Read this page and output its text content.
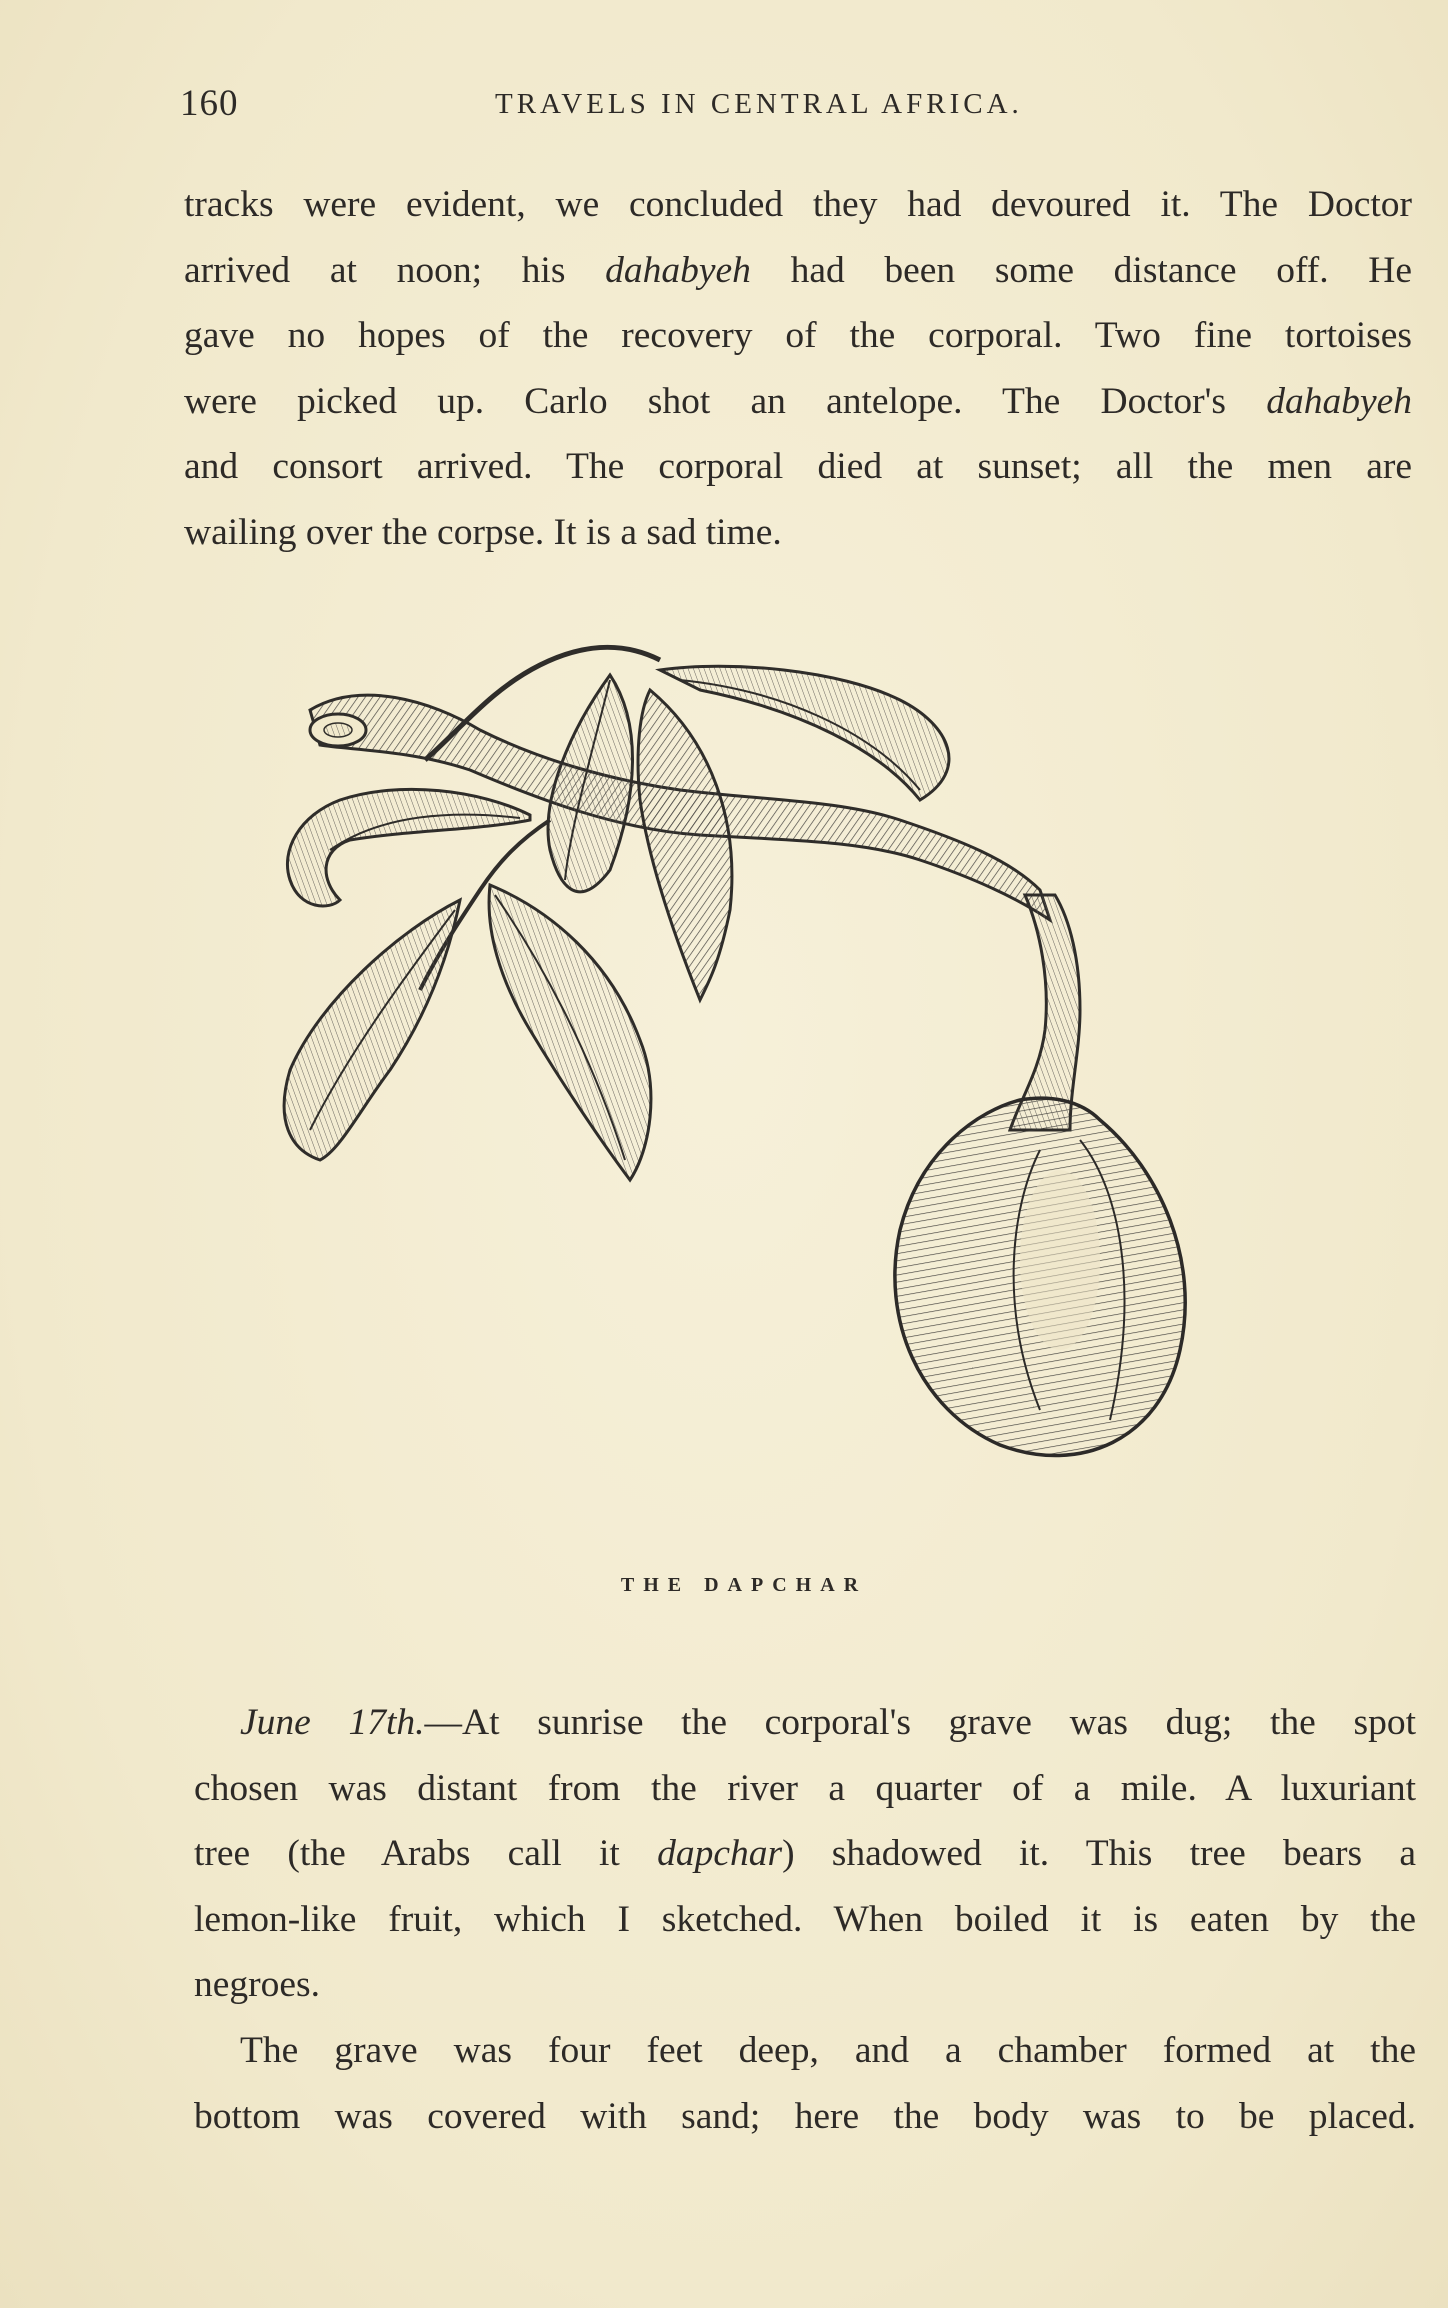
160	TRAVELS IN CENTRAL AFRICA.
tracks were evident, we concluded they had devoured it. The Doctor
arrived at noon; his dahabyeh had been some distance off. He
gave no hopes of the recovery of the corporal. Two fine tortoises
were picked up. Carlo shot an antelope. The Doctor's dahabyeh
and consort arrived. The corporal died at sunset; all the men are
wailing over the corpse. It is a sad time.
THE DAPCHAR
June 17th.—At sunrise the corporal's grave was dug; the spot
chosen was distant from the river a quarter of a mile. A luxuriant
tree (the Arabs call it dapchar) shadowed it. This tree bears a
lemon-like fruit, which I sketched. When boiled it is eaten by the
negroes.
The grave was four feet deep, and a chamber formed at the
bottom was covered with sand; here the body was to be placed.
